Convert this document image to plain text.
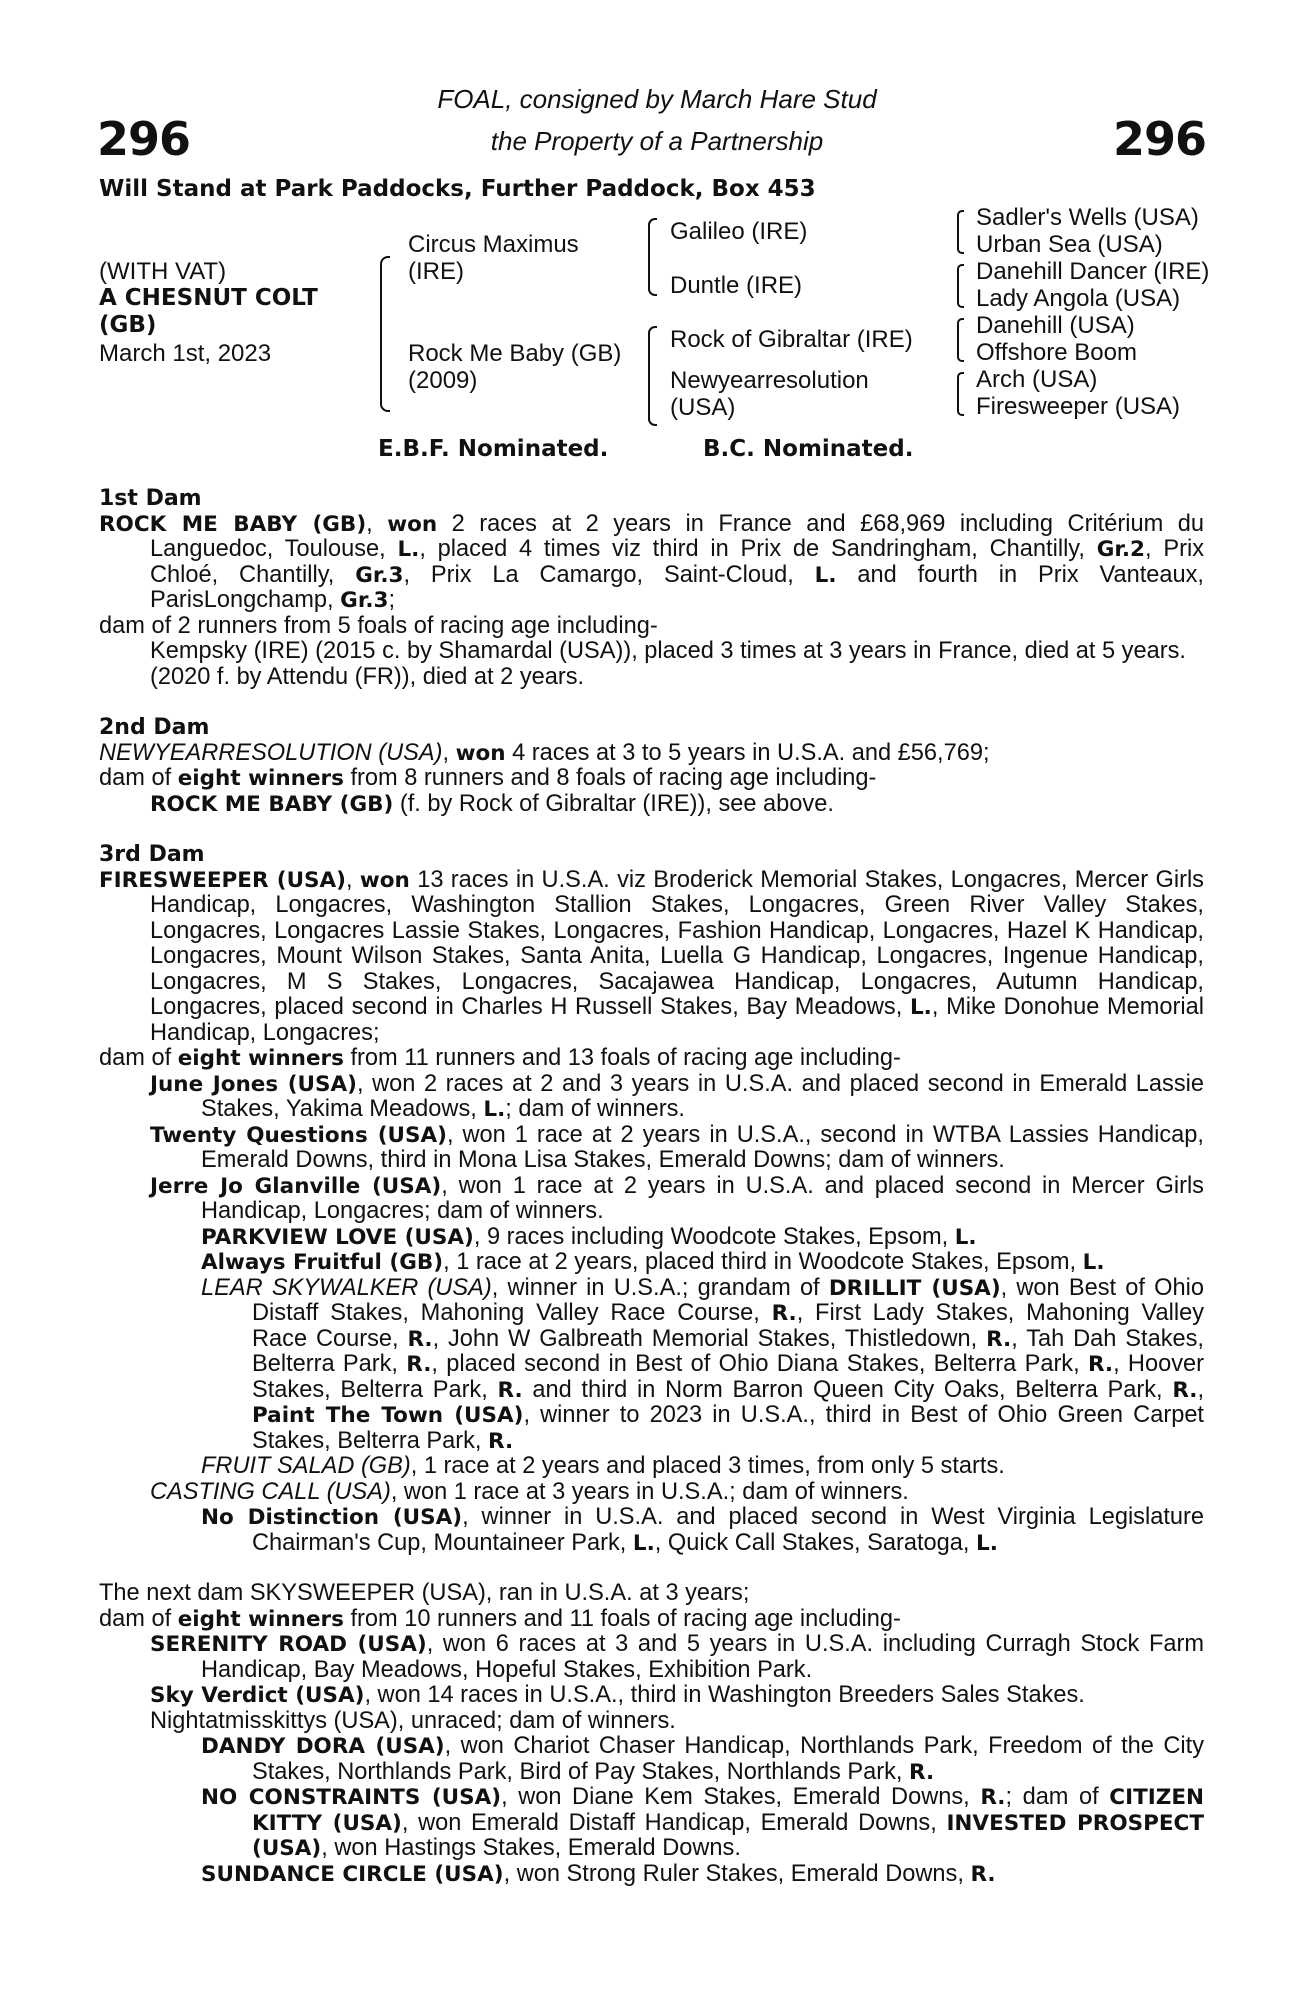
296	296
FOAL, consigned by March Hare Stud
the Property of a Partnership
Will Stand at Park Paddocks, Further Paddock, Box 453
(WITH VAT)
A CHESNUT COLT
(GB)
March 1st, 2023
Circus Maximus
(IRE)
Rock Me Baby (GB)
(2009)
Galileo (IRE)
Duntle (IRE)
Rock of Gibraltar (IRE)
Newyearresolution
(USA)
Sadler's Wells (USA)
Urban Sea (USA)
Danehill Dancer (IRE)
Lady Angola (USA)
Danehill (USA)
Offshore Boom
Arch (USA)
Firesweeper (USA)
E.B.F. Nominated.	B.C. Nominated.
1st Dam
ROCK ME BABY (GB), won 2 races at 2 years in France and £68,969 including Critérium du Languedoc, Toulouse, L., placed 4 times viz third in Prix de Sandringham, Chantilly, Gr.2, Prix Chloé, Chantilly, Gr.3, Prix La Camargo, Saint-Cloud, L. and fourth in Prix Vanteaux, ParisLongchamp, Gr.3;
dam of 2 runners from 5 foals of racing age including-
Kempsky (IRE) (2015 c. by Shamardal (USA)), placed 3 times at 3 years in France, died at 5 years.
(2020 f. by Attendu (FR)), died at 2 years.
2nd Dam
NEWYEARRESOLUTION (USA), won 4 races at 3 to 5 years in U.S.A. and £56,769;
dam of eight winners from 8 runners and 8 foals of racing age including-
ROCK ME BABY (GB) (f. by Rock of Gibraltar (IRE)), see above.
3rd Dam
FIRESWEEPER (USA), won 13 races in U.S.A. viz Broderick Memorial Stakes, Longacres, Mercer Girls Handicap, Longacres, Washington Stallion Stakes, Longacres, Green River Valley Stakes, Longacres, Longacres Lassie Stakes, Longacres, Fashion Handicap, Longacres, Hazel K Handicap, Longacres, Mount Wilson Stakes, Santa Anita, Luella G Handicap, Longacres, Ingenue Handicap, Longacres, M S Stakes, Longacres, Sacajawea Handicap, Longacres, Autumn Handicap, Longacres, placed second in Charles H Russell Stakes, Bay Meadows, L., Mike Donohue Memorial Handicap, Longacres;
dam of eight winners from 11 runners and 13 foals of racing age including-
June Jones (USA), won 2 races at 2 and 3 years in U.S.A. and placed second in Emerald Lassie Stakes, Yakima Meadows, L.; dam of winners.
Twenty Questions (USA), won 1 race at 2 years in U.S.A., second in WTBA Lassies Handicap, Emerald Downs, third in Mona Lisa Stakes, Emerald Downs; dam of winners.
Jerre Jo Glanville (USA), won 1 race at 2 years in U.S.A. and placed second in Mercer Girls Handicap, Longacres; dam of winners.
PARKVIEW LOVE (USA), 9 races including Woodcote Stakes, Epsom, L.
Always Fruitful (GB), 1 race at 2 years, placed third in Woodcote Stakes, Epsom, L.
LEAR SKYWALKER (USA), winner in U.S.A.; grandam of DRILLIT (USA), won Best of Ohio Distaff Stakes, Mahoning Valley Race Course, R., First Lady Stakes, Mahoning Valley Race Course, R., John W Galbreath Memorial Stakes, Thistledown, R., Tah Dah Stakes, Belterra Park, R., placed second in Best of Ohio Diana Stakes, Belterra Park, R., Hoover Stakes, Belterra Park, R. and third in Norm Barron Queen City Oaks, Belterra Park, R., Paint The Town (USA), winner to 2023 in U.S.A., third in Best of Ohio Green Carpet Stakes, Belterra Park, R.
FRUIT SALAD (GB), 1 race at 2 years and placed 3 times, from only 5 starts.
CASTING CALL (USA), won 1 race at 3 years in U.S.A.; dam of winners.
No Distinction (USA), winner in U.S.A. and placed second in West Virginia Legislature Chairman's Cup, Mountaineer Park, L., Quick Call Stakes, Saratoga, L.
The next dam SKYSWEEPER (USA), ran in U.S.A. at 3 years;
dam of eight winners from 10 runners and 11 foals of racing age including-
SERENITY ROAD (USA), won 6 races at 3 and 5 years in U.S.A. including Curragh Stock Farm Handicap, Bay Meadows, Hopeful Stakes, Exhibition Park.
Sky Verdict (USA), won 14 races in U.S.A., third in Washington Breeders Sales Stakes.
Nightatmisskittys (USA), unraced; dam of winners.
DANDY DORA (USA), won Chariot Chaser Handicap, Northlands Park, Freedom of the City Stakes, Northlands Park, Bird of Pay Stakes, Northlands Park, R.
NO CONSTRAINTS (USA), won Diane Kem Stakes, Emerald Downs, R.; dam of CITIZEN KITTY (USA), won Emerald Distaff Handicap, Emerald Downs, INVESTED PROSPECT (USA), won Hastings Stakes, Emerald Downs.
SUNDANCE CIRCLE (USA), won Strong Ruler Stakes, Emerald Downs, R.
